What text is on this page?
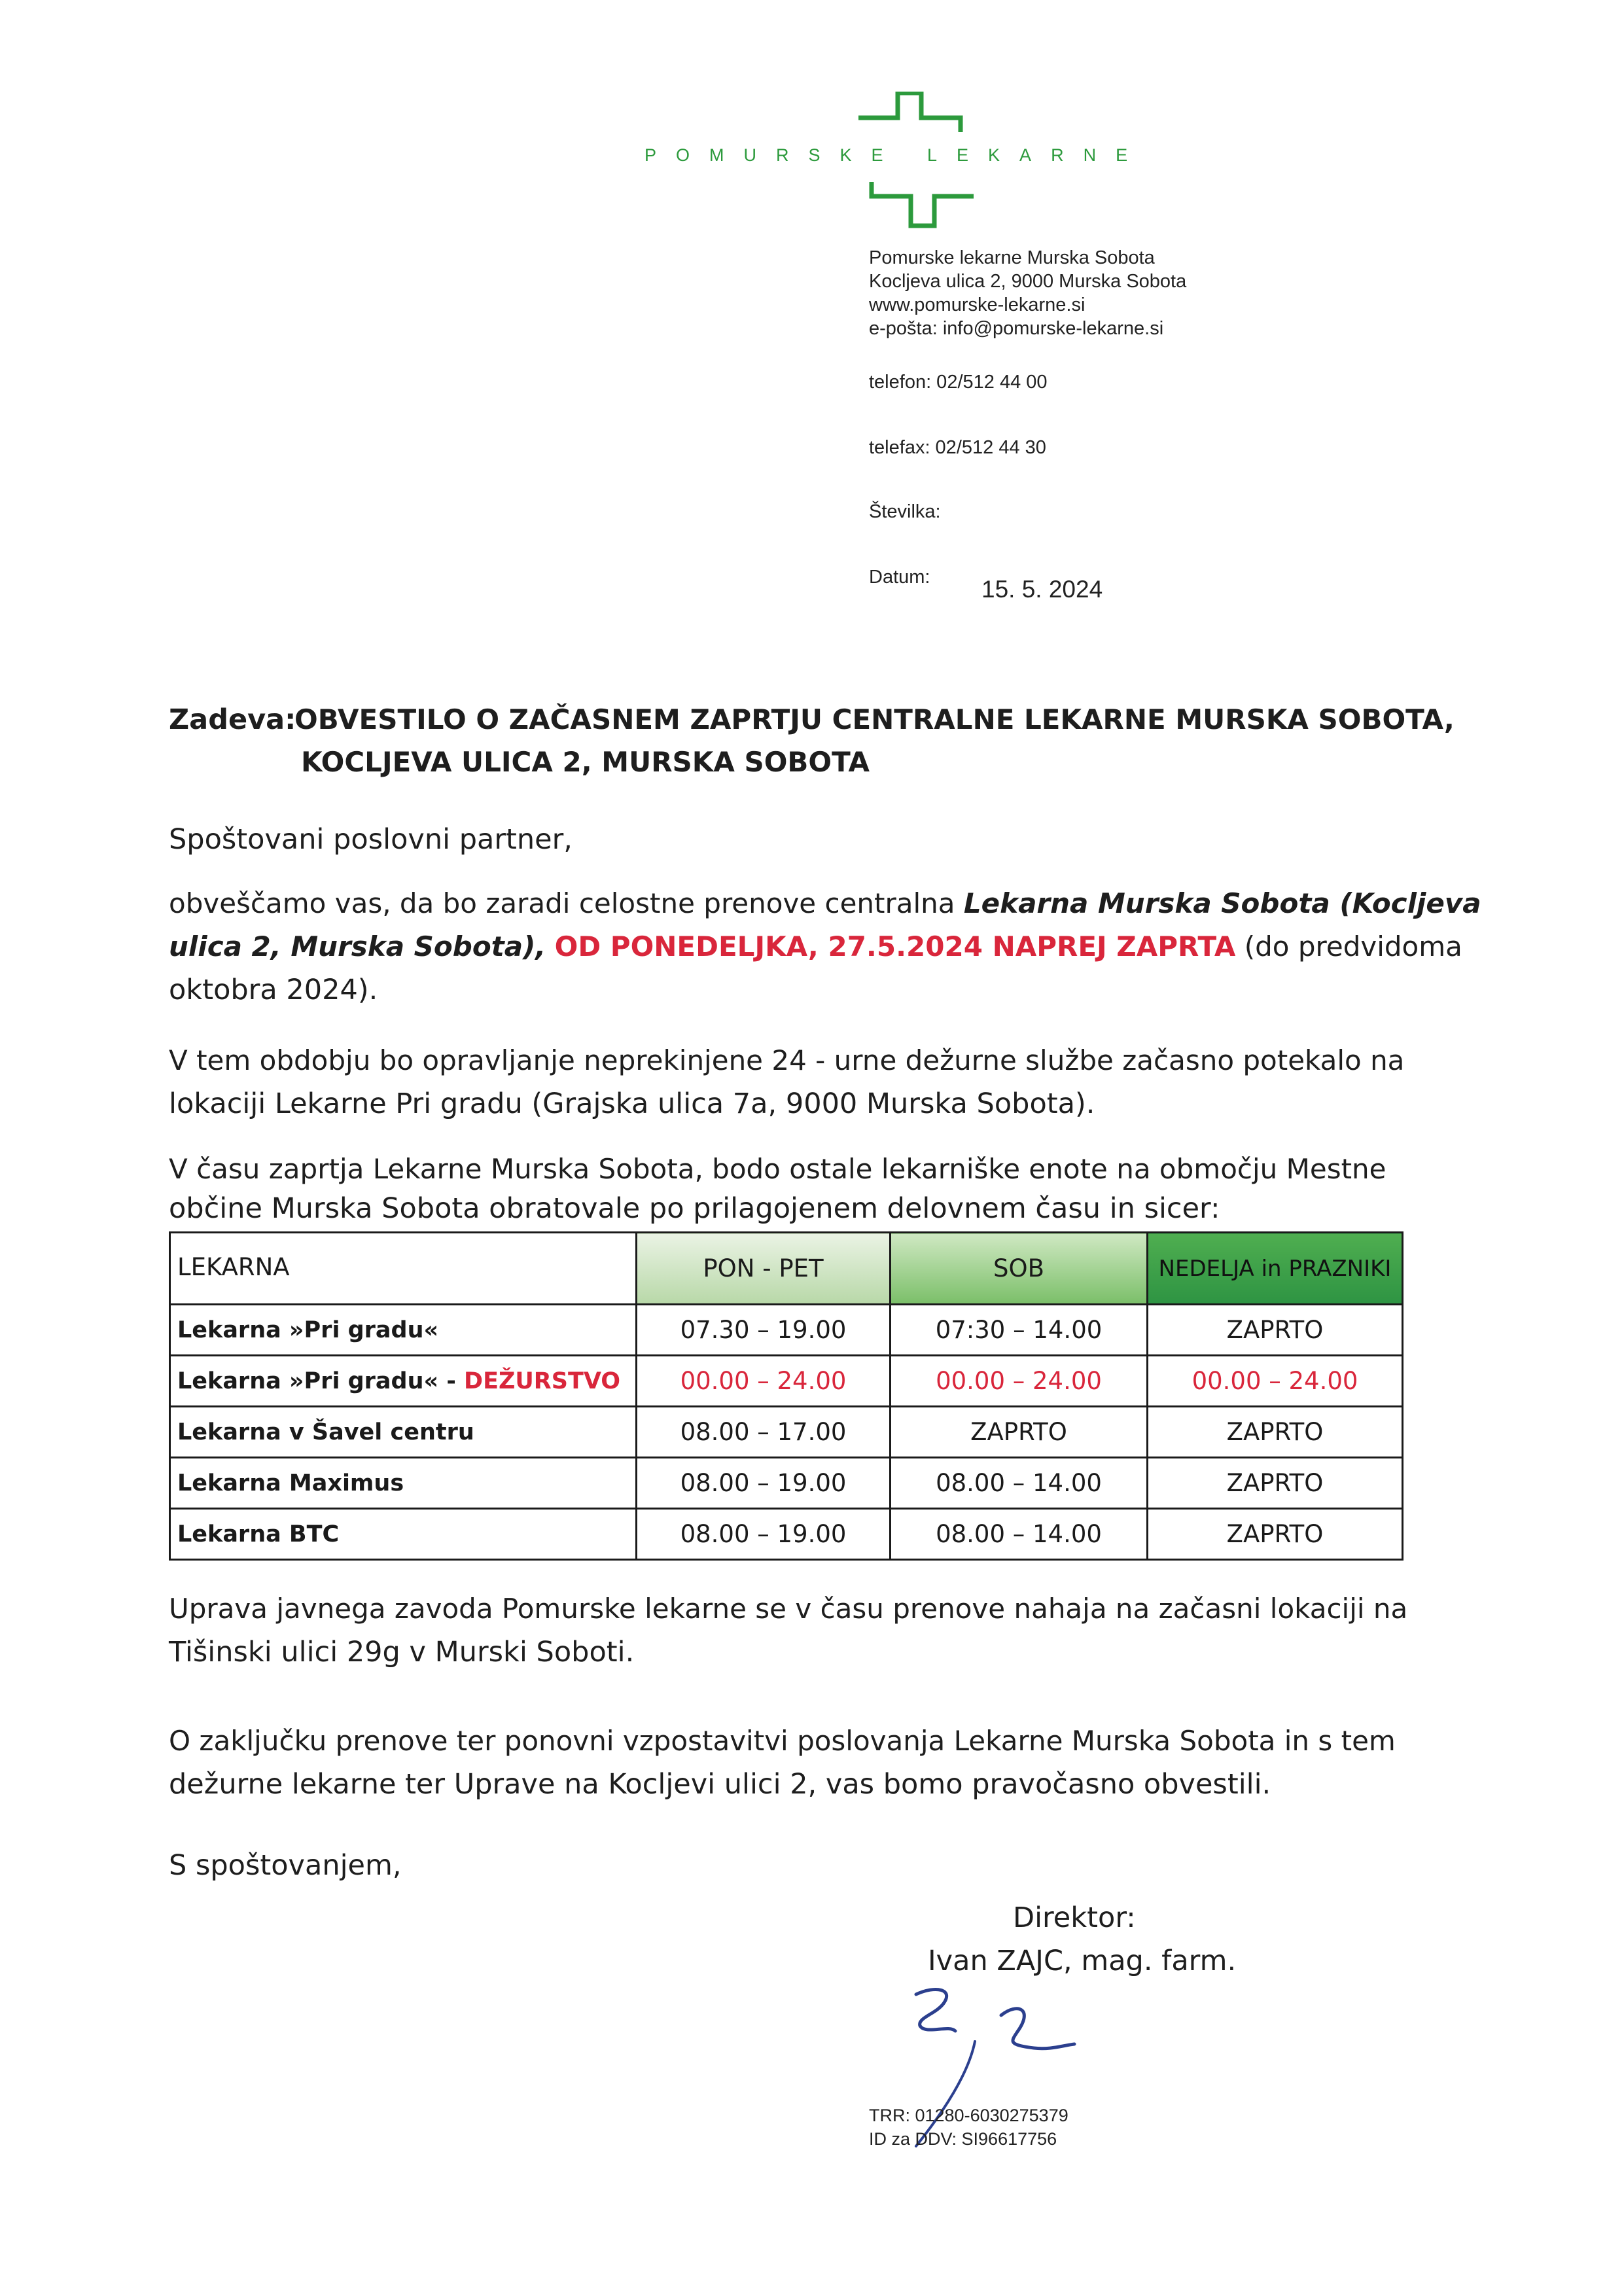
POMURSKE LEKARNE
Pomurske lekarne Murska Sobota
Kocljeva ulica 2, 9000 Murska Sobota
www.pomurske-lekarne.si
e-pošta: info@pomurske-lekarne.si
telefon: 02/512 44 00
telefax: 02/512 44 30
Številka:
Datum: 15. 5. 2024
Zadeva:
OBVESTILO O ZAČASNEM ZAPRTJU CENTRALNE LEKARNE MURSKA SOBOTA,
KOCLJEVA ULICA 2, MURSKA SOBOTA
Spoštovani poslovni partner,
obveščamo vas, da bo zaradi celostne prenove centralna Lekarna Murska Sobota (Kocljeva
ulica 2, Murska Sobota), OD PONEDELJKA, 27.5.2024 NAPREJ ZAPRTA (do predvidoma
oktobra 2024).
V tem obdobju bo opravljanje neprekinjene 24 - urne dežurne službe začasno potekalo na
lokaciji Lekarne Pri gradu (Grajska ulica 7a, 9000 Murska Sobota).
V času zaprtja Lekarne Murska Sobota, bodo ostale lekarniške enote na območju Mestne
občine Murska Sobota obratovale po prilagojenem delovnem času in sicer:
LEKARNA	PON - PET	SOB	NEDELJA in PRAZNIKI
Lekarna »Pri gradu«	07.30 – 19.00	07:30 – 14.00	ZAPRTO
Lekarna »Pri gradu« - DEŽURSTVO	00.00 – 24.00	00.00 – 24.00	00.00 – 24.00
Lekarna v Šavel centru	08.00 – 17.00	ZAPRTO	ZAPRTO
Lekarna Maximus	08.00 – 19.00	08.00 – 14.00	ZAPRTO
Lekarna BTC	08.00 – 19.00	08.00 – 14.00	ZAPRTO
Uprava javnega zavoda Pomurske lekarne se v času prenove nahaja na začasni lokaciji na
Tišinski ulici 29g v Murski Soboti.
O zaključku prenove ter ponovni vzpostavitvi poslovanja Lekarne Murska Sobota in s tem
dežurne lekarne ter Uprave na Kocljevi ulici 2, vas bomo pravočasno obvestili.
S spoštovanjem,
Direktor:
Ivan ZAJC, mag. farm.
TRR: 01280-6030275379
ID za DDV: SI96617756
